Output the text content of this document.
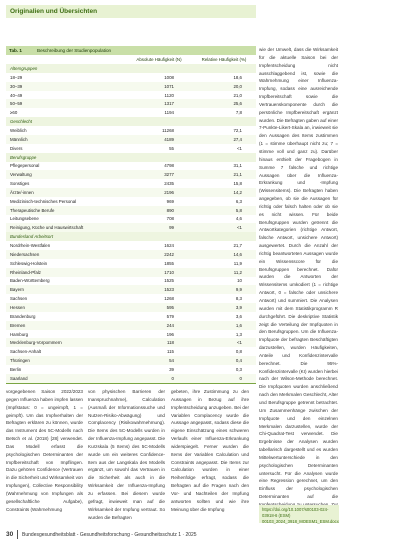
Originalien und Übersichten
Tab. 1	Beschreibung der Studienpopulation
Absolute Häufigkeit (N)	Relative Häufigkeit (%)
Altersgruppen
18–29	1008	18,6
30–39	1071	20,0
40–49	1120	21,0
50–59	1317	25,6
≥60	1194	7,8
Geschlecht
Weiblich	11268	72,1
Männlich	4189	27,4
Divers	55	<1
Berufsgruppe
Pflegepersonal	4798	31,1
Verwaltung	3277	21,1
Sonstiges	2435	15,8
Ärzte/-innen	2196	14,2
Medizinisch-technisches Personal	969	6,3
Therapeutische Berufe	890	5,8
Leitungsebene	708	4,6
Reinigung, Küche und Hauswirtschaft	99	<1
Bundesland Arbeitsort
Nordrhein-Westfalen	1624	21,7
Niedersachsen	2242	14,6
Schleswig-Holstein	1855	11,9
Rheinland-Pfalz	1710	11,2
Baden-Württemberg	1525	10
Bayern	1523	9,9
Sachsen	1268	8,3
Hessen	595	3,9
Brandenburg	579	3,6
Bremen	244	1,6
Hamburg	196	1,3
Mecklenburg-Vorpommern	118	<1
Sachsen-Anhalt	115	0,8
Thüringen	54	0,4
Berlin	39	0,3
Saarland	0	0

vorgegebenen Saison 2022/2023 gegen Influenza haben impfen lassen (Impfstatus: 0 = ungeimpft, 1 = geimpft). Um das Impfverhalten der Befragten erklären zu können, wurde das Instrument des 5C-Modells nach Betsch et al. (2018) [28] verwendet. Das Modell erfasst die psychologischen Determinanten der Impfbereitschaft von Impflingen. Dazu gehören Confidence (Vertrauen in die Sicherheit und Wirksamkeit von Impfungen), Collective Responsibility (Wahrnehmung von Impfungen als gesellschaftliche Aufgabe), Constraints (Wahrnehmung

von physischen Barrieren der Inanspruchnahme), Calculation (Ausmaß der Informationssuche und Nutzen-Risiko-Abwägung) und Complacency (Risikowahrnehmung). Die Items des 5C-Modells wurden in der Influenza-Impfung angepasst. Die Kurzskala (5 Items) des 5C-Modells wurde um ein weiteres Confidence-Item aus der Langskala des Modells ergänzt, um sowohl das Vertrauen in die Sicherheit als auch in die Wirksamkeit der Influenza-Impfung zu erfassen. Bei diesem wurde gefragt, inwieweit man auf die Wirksamkeit der Impfung vertraut. So wurden die Befragten

gebeten, ihre Zustimmung zu den Aussagen in Bezug auf ihre Impfentscheidung anzugeben. Bei der Variablen Complacency wurde die Aussage angepasst, sodass diese die eigene Einschätzung eines schweren Verlaufs einer Influenza-Erkrankung widerspiegelt. Ferner wurden die Items der Variablen Calculation und Constraints angepasst. Die Items zur Calculation wurden in einer Reihenfolge erfragt, sodass die Befragten auf die Fragen nach den Vor- und Nachteilen der Impfung antworten sollten und wie ihre Meinung über die Impfung

wie der Umwelt, dass die Wirksamkeit für die aktuelle Saison bei der Impfentscheidung nicht ausschlaggebend ist, sowie die Wahrnehmung einer Influenza-Impfung, sodass eine ausreichende Impfbereitschaft sowie die Vertrauenskomponente durch die persönliche Impfbereitschaft ergänzt wurden. Die Befragten gaben auf einer 7-Punkte-Likert-Skala an, inwieweit sie den Aussagen des Items zustimmen (1 = stimme überhaupt nicht zu; 7 = stimme voll und ganz zu). Darüber hinaus enthielt der Fragebogen in Summe 7 falsche und richtige Aussagen über die Influenza-Erkrankung und -Impfung (Wissensitems). Die Befragten haben angegeben, ob sie die Aussagen für richtig oder falsch halten oder ob sie es nicht wissen. Für beide Berufsgruppen wurden getrennt die Antwortkategorien (richtige Antwort, falsche Antwort, unsichere Antwort) ausgewertet. Durch die Anzahl der richtig beantworteten Aussagen wurde ein Wissensscore für die Berufsgruppen berechnet. Dafür wurden die Antworten der Wissensitems umkodiert (1 = richtige Antwort, 0 = falsche oder unsichere Antwort) und summiert. Die Analysen wurden mit dem Statistikprogramm R durchgeführt. Die deskriptive Statistik zeigt die Verteilung der Impfquoten in den Berufsgruppen. Um die Influenza-Impfquote der befragten Beschäftigten darzustellen, wurden Häufigkeiten, Anteile und Konfidenzintervalle berechnet. Die 95%-Konfidenzintervalle (KI) wurden hierbei nach der Wilson-Methode berechnet. Die Impfquoten wurden anschließend nach den Merkmalen Geschlecht, Alter und Berufsgruppe getrennt betrachtet. Um Zusammenhänge zwischen der Impfquote und den einzelnen Merkmalen darzustellen, wurde der Chi-Quadrat-Test verwendet. Die Ergebnisse der Analysen wurden tabellarisch dargestellt und es wurden Mittelwertunterschiede in den psychologischen Determinanten untersucht. Für die Analysen wurde eine Regression gerechnet, um den Einfluss der psychologischen Determinanten auf die

https://doi.org/10.1007/s00103-024-03918-6 (ESM) 00103_2024_3918_MOESM1_ESM.docx
30 Bundesgesundheitsblatt - Gesundheitsforschung - Gesundheitsschutz 1 · 2025
